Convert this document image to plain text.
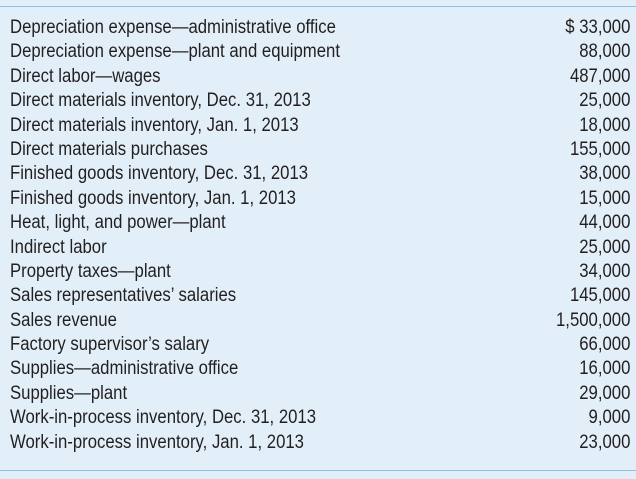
Depreciation expense—administrative office	$ 33,000
Depreciation expense—plant and equipment	88,000
Direct labor—wages	487,000
Direct materials inventory, Dec. 31, 2013	25,000
Direct materials inventory, Jan. 1, 2013	18,000
Direct materials purchases	155,000
Finished goods inventory, Dec. 31, 2013	38,000
Finished goods inventory, Jan. 1, 2013	15,000
Heat, light, and power—plant	44,000
Indirect labor	25,000
Property taxes—plant	34,000
Sales representatives’ salaries	145,000
Sales revenue	1,500,000
Factory supervisor’s salary	66,000
Supplies—administrative office	16,000
Supplies—plant	29,000
Work-in-process inventory, Dec. 31, 2013	9,000
Work-in-process inventory, Jan. 1, 2013	23,000
